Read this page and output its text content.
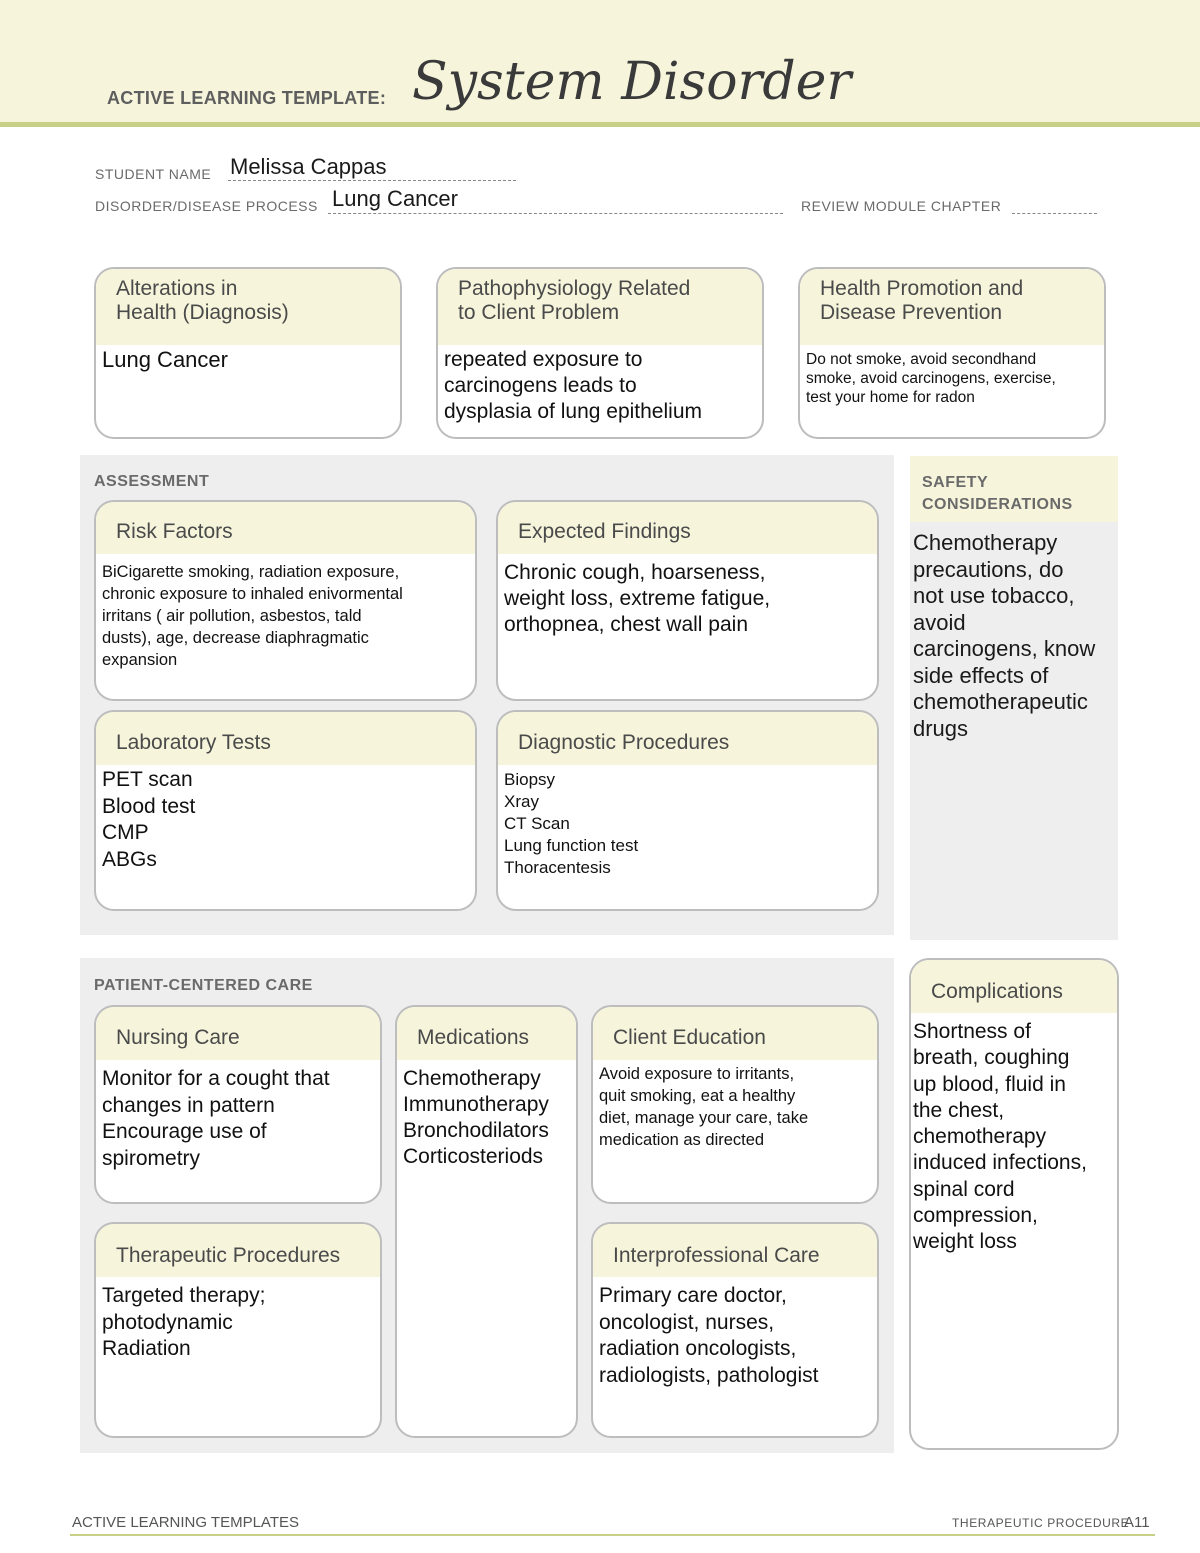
ACTIVE LEARNING TEMPLATE: System Disorder
STUDENT NAME Melissa Cappas
DISORDER/DISEASE PROCESS Lung Cancer	REVIEW MODULE CHAPTER
Alterations in
Health (Diagnosis)

Lung Cancer

Pathophysiology Related
to Client Problem

repeated exposure to
carcinogens leads to
dysplasia of lung epithelium

Health Promotion and
Disease Prevention

Do not smoke, avoid secondhand
smoke, avoid carcinogens, exercise,
test your home for radon

ASSESSMENT
Risk Factors

BiCigarette smoking, radiation exposure,
chronic exposure to inhaled enivormental
irritans ( air pollution, asbestos, tald
dusts), age, decrease diaphragmatic
expansion

Expected Findings

Chronic cough, hoarseness,
weight loss, extreme fatigue,
orthopnea, chest wall pain

Laboratory Tests

PET scan
Blood test
CMP
ABGs

Diagnostic Procedures

Biopsy
Xray
CT Scan
Lung function test
Thoracentesis

SAFETY
CONSIDERATIONS
Chemotherapy
precautions, do
not use tobacco,
avoid
carcinogens, know
side effects of
chemotherapeutic
drugs
PATIENT-CENTERED CARE
Nursing Care

Monitor for a cought that
changes in pattern
Encourage use of
spirometry

Medications

Chemotherapy
Immunotherapy
Bronchodilators
Corticosteriods

Client Education

Avoid exposure to irritants,
quit smoking, eat a healthy
diet, manage your care, take
medication as directed

Therapeutic Procedures

Targeted therapy;
photodynamic
Radiation

Interprofessional Care

Primary care doctor,
oncologist, nurses,
radiation oncologists,
radiologists, pathologist

Complications

Shortness of
breath, coughing
up blood, fluid in
the chest,
chemotherapy
induced infections,
spinal cord
compression,
weight loss

ACTIVE LEARNING TEMPLATES	THERAPEUTIC PROCEDURE
A11
